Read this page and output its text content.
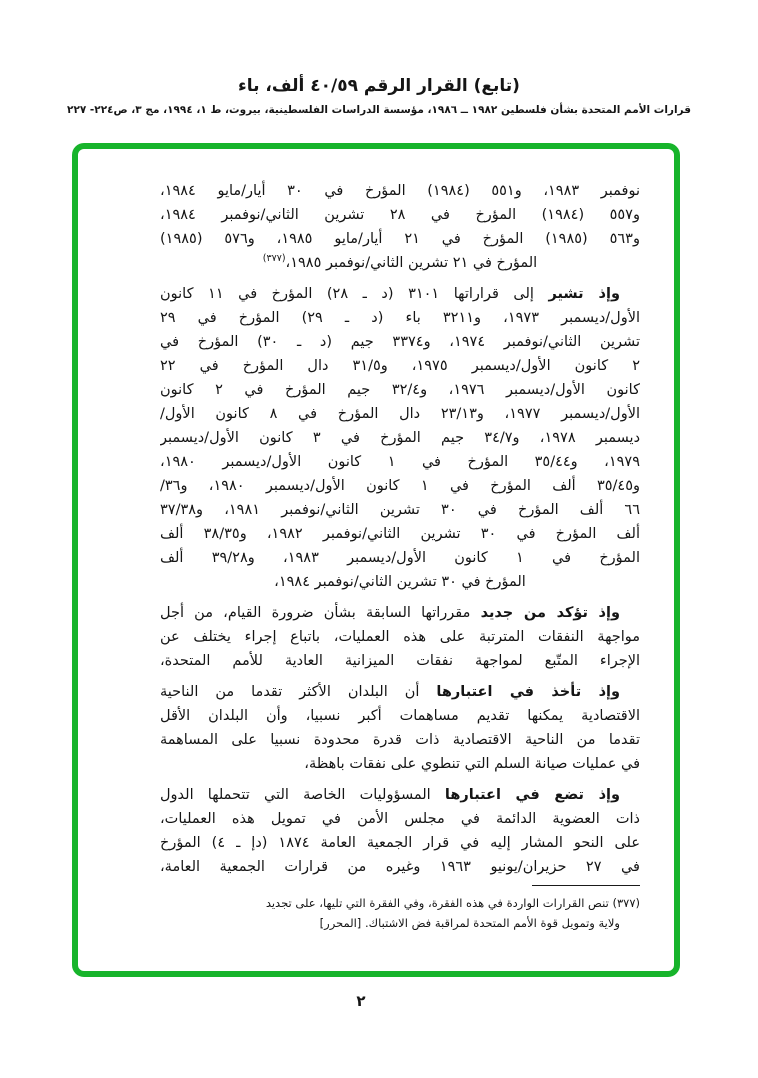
(تابع) القرار الرقم ٤٠/٥٩ ألف، باء
قرارات الأمم المتحدة بشأن فلسطين ١٩٨٢ ــ ١٩٨٦، مؤسسة الدراسات الفلسطينية، بيروت، ط ١، ١٩٩٤، مج ٣، ص٢٢٤- ٢٢٧
نوفمبر ١٩٨٣، و٥٥١ (١٩٨٤) المؤرخ في ٣٠ أيار/مايو ١٩٨٤،
و٥٥٧ (١٩٨٤) المؤرخ في ٢٨ تشرين الثاني/نوفمبر ١٩٨٤،
و٥٦٣ (١٩٨٥) المؤرخ في ٢١ أيار/مايو ١٩٨٥، و٥٧٦ (١٩٨٥)
المؤرخ في ٢١ تشرين الثاني/نوفمبر ١٩٨٥،$^{(٣٧٧)}$
وإذ تشير إلى قراراتها ٣١٠١ (د ـ ٢٨) المؤرخ في ١١ كانون
الأول/ديسمبر ١٩٧٣، و٣٢١١ باء (د ـ ٢٩) المؤرخ في ٢٩
تشرين الثاني/نوفمبر ١٩٧٤، و٣٣٧٤ جيم (د ـ ٣٠) المؤرخ في
٢ كانون الأول/ديسمبر ١٩٧٥، و٣١/٥ دال المؤرخ في ٢٢
كانون الأول/ديسمبر ١٩٧٦، و٣٢/٤ جيم المؤرخ في ٢ كانون
الأول/ديسمبر ١٩٧٧، و٢٣/١٣ دال المؤرخ في ٨ كانون الأول/
ديسمبر ١٩٧٨، و٣٤/٧ جيم المؤرخ في ٣ كانون الأول/ديسمبر
١٩٧٩، و٣٥/٤٤ المؤرخ في ١ كانون الأول/ديسمبر ١٩٨٠،
و٣٥/٤٥ ألف المؤرخ في ١ كانون الأول/ديسمبر ١٩٨٠، و٣٦/
٦٦ ألف المؤرخ في ٣٠ تشرين الثاني/نوفمبر ١٩٨١، و٣٧/٣٨
ألف المؤرخ في ٣٠ تشرين الثاني/نوفمبر ١٩٨٢، و٣٨/٣٥ ألف
المؤرخ في ١ كانون الأول/ديسمبر ١٩٨٣، و٣٩/٢٨ ألف
المؤرخ في ٣٠ تشرين الثاني/نوفمبر ١٩٨٤،
وإذ تؤكد من جديد مقرراتها السابقة بشأن ضرورة القيام، من أجل
مواجهة النفقات المترتبة على هذه العمليات، باتباع إجراء يختلف عن
الإجراء المتّبع لمواجهة نفقات الميزانية العادية للأمم المتحدة،
وإذ تأخذ في اعتبارها أن البلدان الأكثر تقدما من الناحية
الاقتصادية يمكنها تقديم مساهمات أكبر نسبيا، وأن البلدان الأقل
تقدما من الناحية الاقتصادية ذات قدرة محدودة نسبيا على المساهمة
في عمليات صيانة السلم التي تنطوي على نفقات باهظة،
وإذ تضع في اعتبارها المسؤوليات الخاصة التي تتحملها الدول
ذات العضوية الدائمة في مجلس الأمن في تمويل هذه العمليات،
على النحو المشار إليه في قرار الجمعية العامة ١٨٧٤ (دإ ـ ٤) المؤرخ
في ٢٧ حزيران/يونيو ١٩٦٣ وغيره من قرارات الجمعية العامة،
(٣٧٧) تنص القرارات الواردة في هذه الفقرة، وفي الفقرة التي تليها، على تجديد
ولاية وتمويل قوة الأمم المتحدة لمراقبة فض الاشتباك. [المحرر]
٢
